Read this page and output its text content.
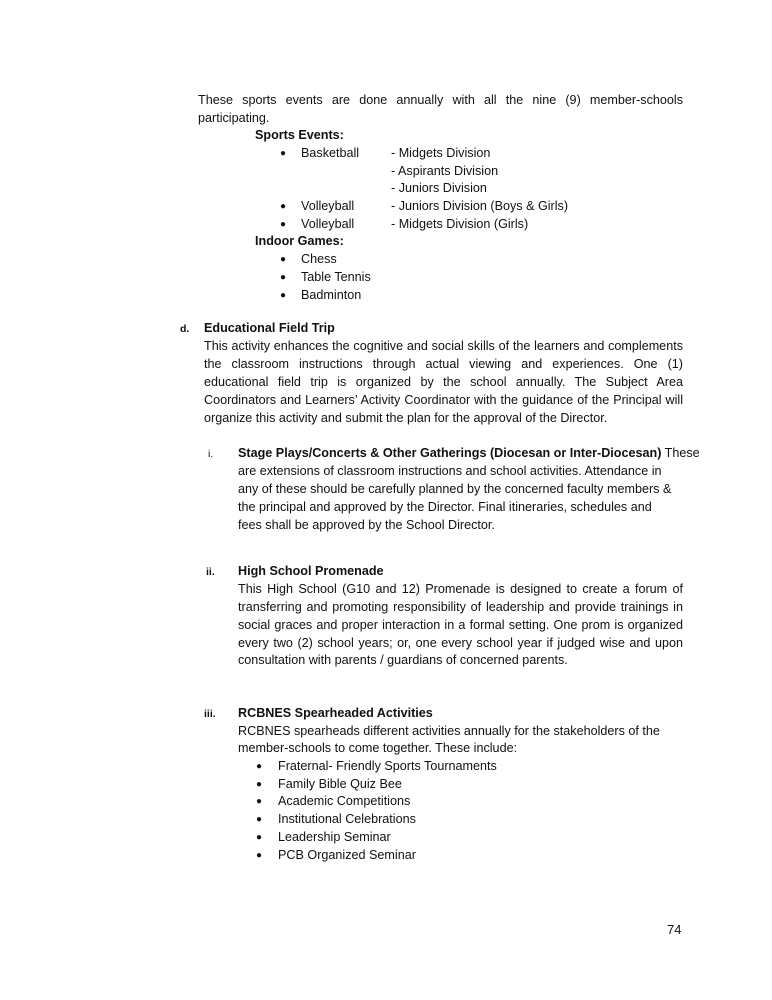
These sports events are done annually with all the nine (9) member-schools
participating.
Sports Events:
● Basketball	- Midgets Division
- Aspirants Division
- Juniors Division
● Volleyball	- Juniors Division (Boys & Girls)
● Volleyball	- Midgets Division (Girls)
Indoor Games:
● Chess
● Table Tennis
● Badminton
d. Educational Field Trip
This activity enhances the cognitive and social skills of the learners and complements
the classroom instructions through actual viewing and experiences. One (1)
educational field trip is organized by the school annually. The Subject Area
Coordinators and Learners’ Activity Coordinator with the guidance of the Principal will
organize this activity and submit the plan for the approval of the Director.
i. Stage Plays/Concerts & Other Gatherings (Diocesan or Inter-Diocesan) These
are extensions of classroom instructions and school activities. Attendance in
any of these should be carefully planned by the concerned faculty members &
the principal and approved by the Director. Final itineraries, schedules and
fees shall be approved by the School Director.
ii. High School Promenade
This High School (G10 and 12) Promenade is designed to create a forum of
transferring and promoting responsibility of leadership and provide trainings in
social graces and proper interaction in a formal setting. One prom is organized
every two (2) school years; or, one every school year if judged wise and upon
consultation with parents / guardians of concerned parents.
iii. RCBNES Spearheaded Activities
RCBNES spearheads different activities annually for the stakeholders of the
member-schools to come together. These include:
● Fraternal- Friendly Sports Tournaments
● Family Bible Quiz Bee
● Academic Competitions
● Institutional Celebrations
● Leadership Seminar
● PCB Organized Seminar
74
